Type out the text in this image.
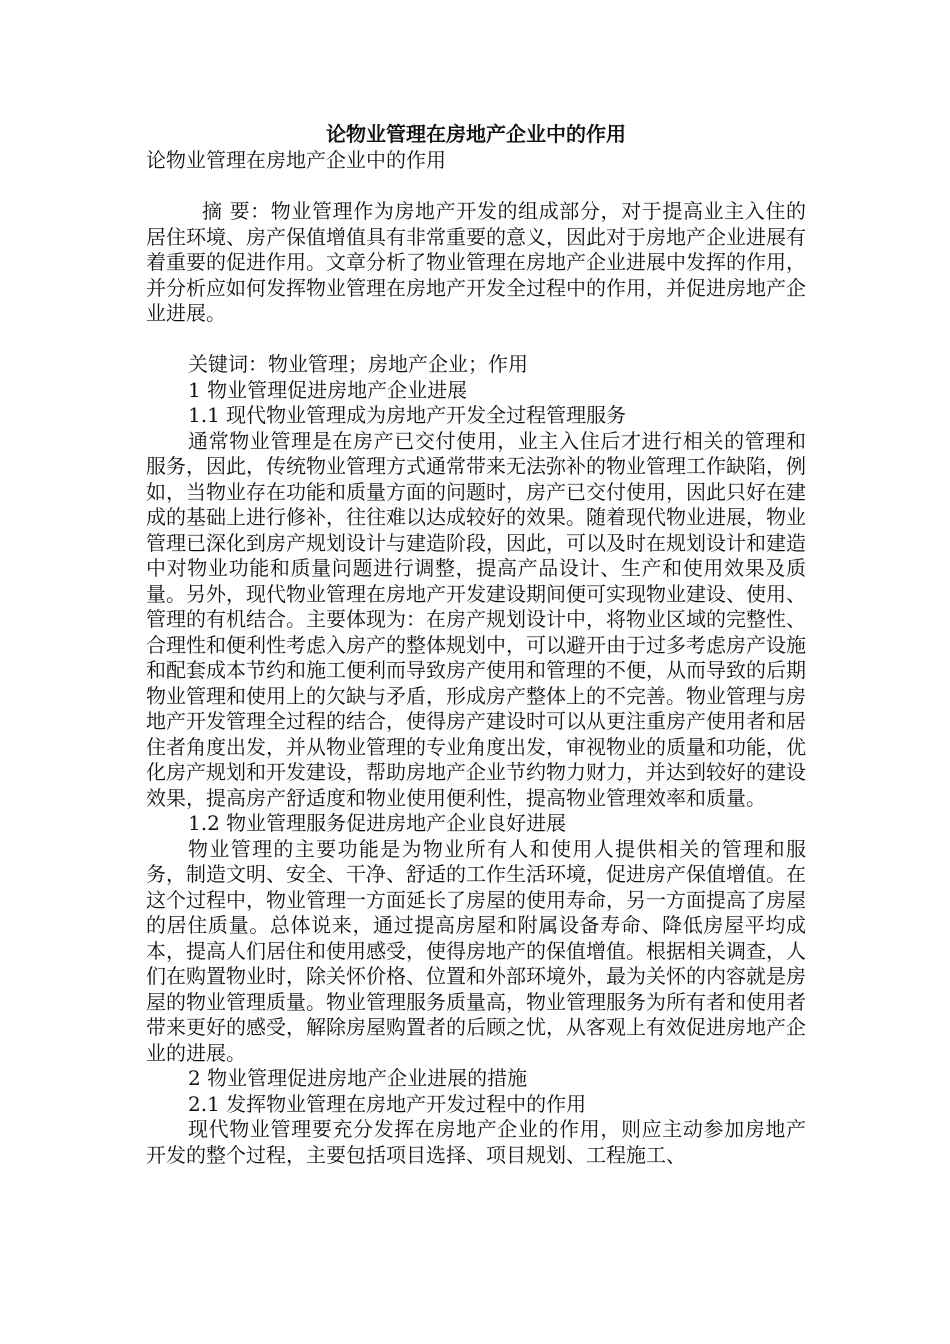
论物业管理在房地产企业中的作用
论物业管理在房地产企业中的作用

摘 要：物业管理作为房地产开发的组成部分，对于提高业主入住的居住环境、房产保值增值具有非常重要的意义，因此对于房地产企业进展有着重要的促进作用。文章分析了物业管理在房地产企业进展中发挥的作用，并分析应如何发挥物业管理在房地产开发全过程中的作用，并促进房地产企业进展。

关键词：物业管理；房地产企业；作用

1 物业管理促进房地产企业进展

1.1 现代物业管理成为房地产开发全过程管理服务

通常物业管理是在房产已交付使用，业主入住后才进行相关的管理和服务，因此，传统物业管理方式通常带来无法弥补的物业管理工作缺陷，例如，当物业存在功能和质量方面的问题时，房产已交付使用，因此只好在建成的基础上进行修补，往往难以达成较好的效果。随着现代物业进展，物业管理已深化到房产规划设计与建造阶段，因此，可以及时在规划设计和建造中对物业功能和质量问题进行调整，提高产品设计、生产和使用效果及质量。另外，现代物业管理在房地产开发建设期间便可实现物业建设、使用、管理的有机结合。主要体现为：在房产规划设计中，将物业区域的完整性、合理性和便利性考虑入房产的整体规划中，可以避开由于过多考虑房产设施和配套成本节约和施工便利而导致房产使用和管理的不便，从而导致的后期物业管理和使用上的欠缺与矛盾，形成房产整体上的不完善。物业管理与房地产开发管理全过程的结合，使得房产建设时可以从更注重房产使用者和居住者角度出发，并从物业管理的专业角度出发，审视物业的质量和功能，优化房产规划和开发建设，帮助房地产企业节约物力财力，并达到较好的建设效果，提高房产舒适度和物业使用便利性，提高物业管理效率和质量。

1.2 物业管理服务促进房地产企业良好进展

物业管理的主要功能是为物业所有人和使用人提供相关的管理和服务，制造文明、安全、干净、舒适的工作生活环境，促进房产保值增值。在这个过程中，物业管理一方面延长了房屋的使用寿命，另一方面提高了房屋的居住质量。总体说来，通过提高房屋和附属设备寿命、降低房屋平均成本，提高人们居住和使用感受，使得房地产的保值增值。根据相关调查，人们在购置物业时，除关怀价格、位置和外部环境外，最为关怀的内容就是房屋的物业管理质量。物业管理服务质量高，物业管理服务为所有者和使用者带来更好的感受，解除房屋购置者的后顾之忧，从客观上有效促进房地产企业的进展。

2 物业管理促进房地产企业进展的措施

2.1 发挥物业管理在房地产开发过程中的作用

现代物业管理要充分发挥在房地产企业的作用，则应主动参加房地产开发的整个过程，主要包括项目选择、项目规划、工程施工、
